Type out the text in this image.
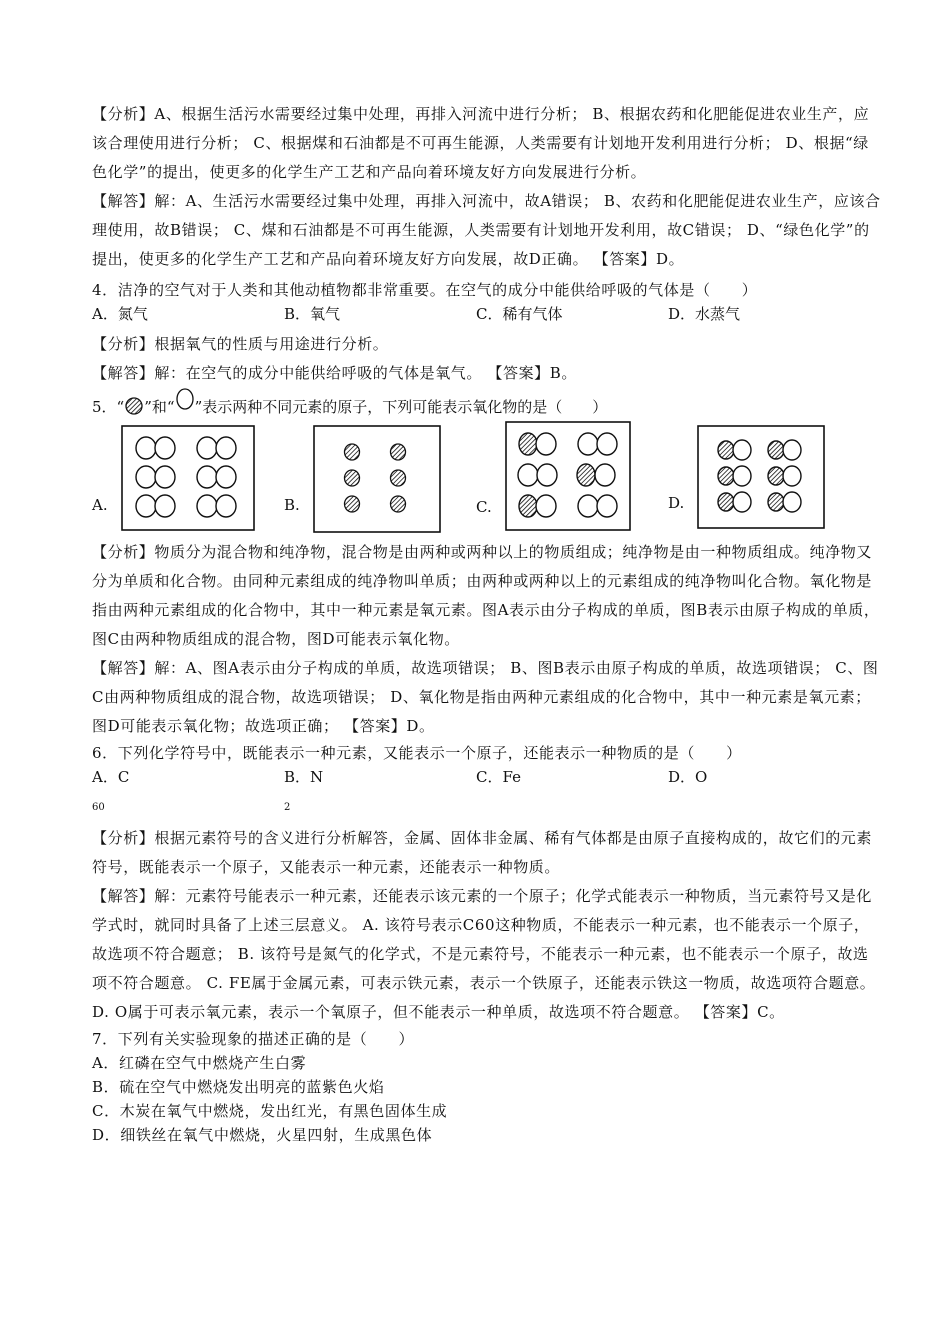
【分析】A、根据生活污水需要经过集中处理，再排入河流中进行分析； B、根据农药和化肥能促进农业生产，应该合理使用进行分析； C、根据煤和石油都是不可再生能源，人类需要有计划地开发利用进行分析； D、根据“绿色化学”的提出，使更多的化学生产工艺和产品向着环境友好方向发展进行分析。

【解答】解：A、生活污水需要经过集中处理，再排入河流中，故A错误； B、农药和化肥能促进农业生产，应该合理使用，故B错误； C、煤和石油都是不可再生能源，人类需要有计划地开发利用，故C错误； D、“绿色化学”的提出，使更多的化学生产工艺和产品向着环境友好方向发展，故D正确。 【答案】D。

4．洁净的空气对于人类和其他动植物都非常重要。在空气的成分中能供给呼吸的气体是（　　）

A．氮气	B．氧气	C．稀有气体	D．水蒸气

【分析】根据氧气的性质与用途进行分析。

【解答】解：在空气的成分中能供给呼吸的气体是氧气。 【答案】B。

5．“ ”和“ ”表示两种不同元素的原子，下列可能表示氧化物的是（　　）
A.	B.	C.	D.

【分析】物质分为混合物和纯净物，混合物是由两种或两种以上的物质组成；纯净物是由一种物质组成。纯净物又分为单质和化合物。由同种元素组成的纯净物叫单质；由两种或两种以上的元素组成的纯净物叫化合物。氧化物是指由两种元素组成的化合物中，其中一种元素是氧元素。图A表示由分子构成的单质，图B表示由原子构成的单质，图C由两种物质组成的混合物，图D可能表示氧化物。

【解答】解：A、图A表示由分子构成的单质，故选项错误； B、图B表示由原子构成的单质，故选项错误； C、图C由两种物质组成的混合物，故选项错误； D、氧化物是指由两种元素组成的化合物中，其中一种元素是氧元素；图D可能表示氧化物；故选项正确； 【答案】D。

6．下列化学符号中，既能表示一种元素，又能表示一个原子，还能表示一种物质的是（　　）

A．C
$_{60}$
B．N
$_2$
C．Fe	D．O

【分析】根据元素符号的含义进行分析解答，金属、固体非金属、稀有气体都是由原子直接构成的，故它们的元素符号，既能表示一个原子，又能表示一种元素，还能表示一种物质。

【解答】解：元素符号能表示一种元素，还能表示该元素的一个原子；化学式能表示一种物质，当元素符号又是化学式时，就同时具备了上述三层意义。 A. 该符号表示C60这种物质，不能表示一种元素，也不能表示一个原子，故选项不符合题意； B. 该符号是氮气的化学式，不是元素符号，不能表示一种元素，也不能表示一个原子，故选项不符合题意。 C. FE属于金属元素，可表示铁元素，表示一个铁原子，还能表示铁这一物质，故选项符合题意。 D. O属于可表示氧元素，表示一个氧原子，但不能表示一种单质，故选项不符合题意。 【答案】C。

7．下列有关实验现象的描述正确的是（　　）

A．红磷在空气中燃烧产生白雾

B．硫在空气中燃烧发出明亮的蓝紫色火焰

C．木炭在氧气中燃烧，发出红光，有黑色固体生成

D．细铁丝在氧气中燃烧，火星四射，生成黑色体
